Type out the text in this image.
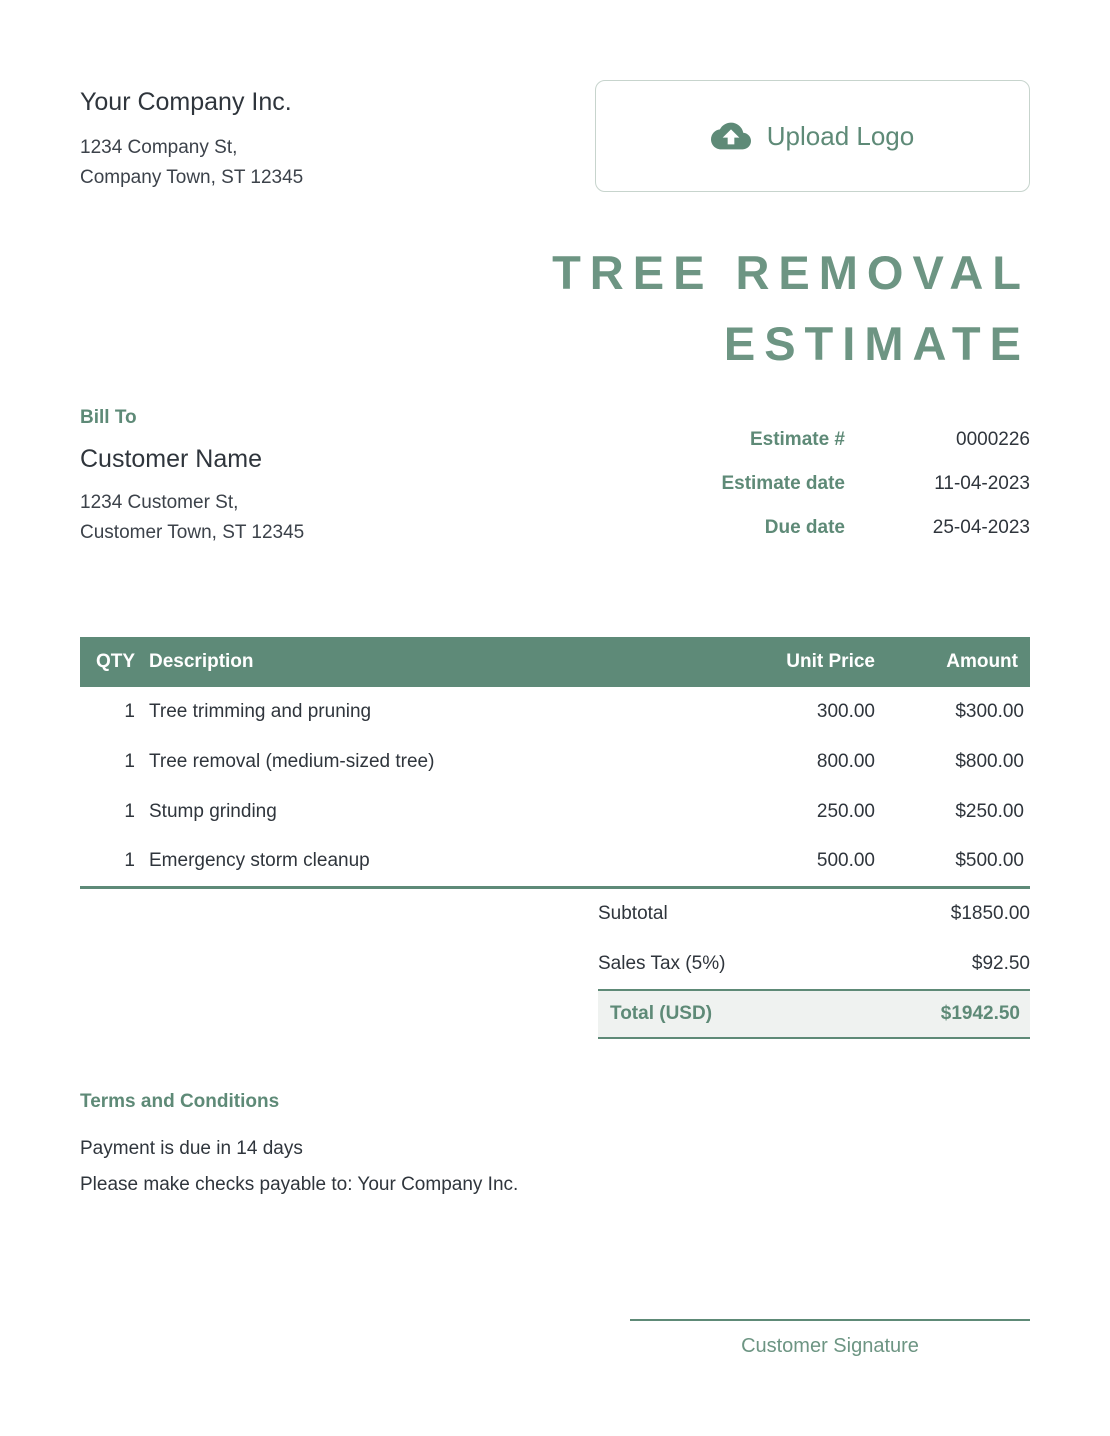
Your Company Inc.
1234 Company St,
Company Town, ST 12345
Upload Logo
TREE REMOVAL
ESTIMATE
Bill To
Customer Name
1234 Customer St,
Customer Town, ST 12345
Estimate #	0000226
Estimate date	11-04-2023
Due date	25-04-2023
QTY	Description	Unit Price	Amount
1	Tree trimming and pruning	300.00	$300.00
1	Tree removal (medium-sized tree)	800.00	$800.00
1	Stump grinding	250.00	$250.00
1	Emergency storm cleanup	500.00	$500.00
Subtotal	$1850.00
Sales Tax (5%)	$92.50
Total (USD)	$1942.50
Terms and Conditions
Payment is due in 14 days
Please make checks payable to: Your Company Inc.
Customer Signature
